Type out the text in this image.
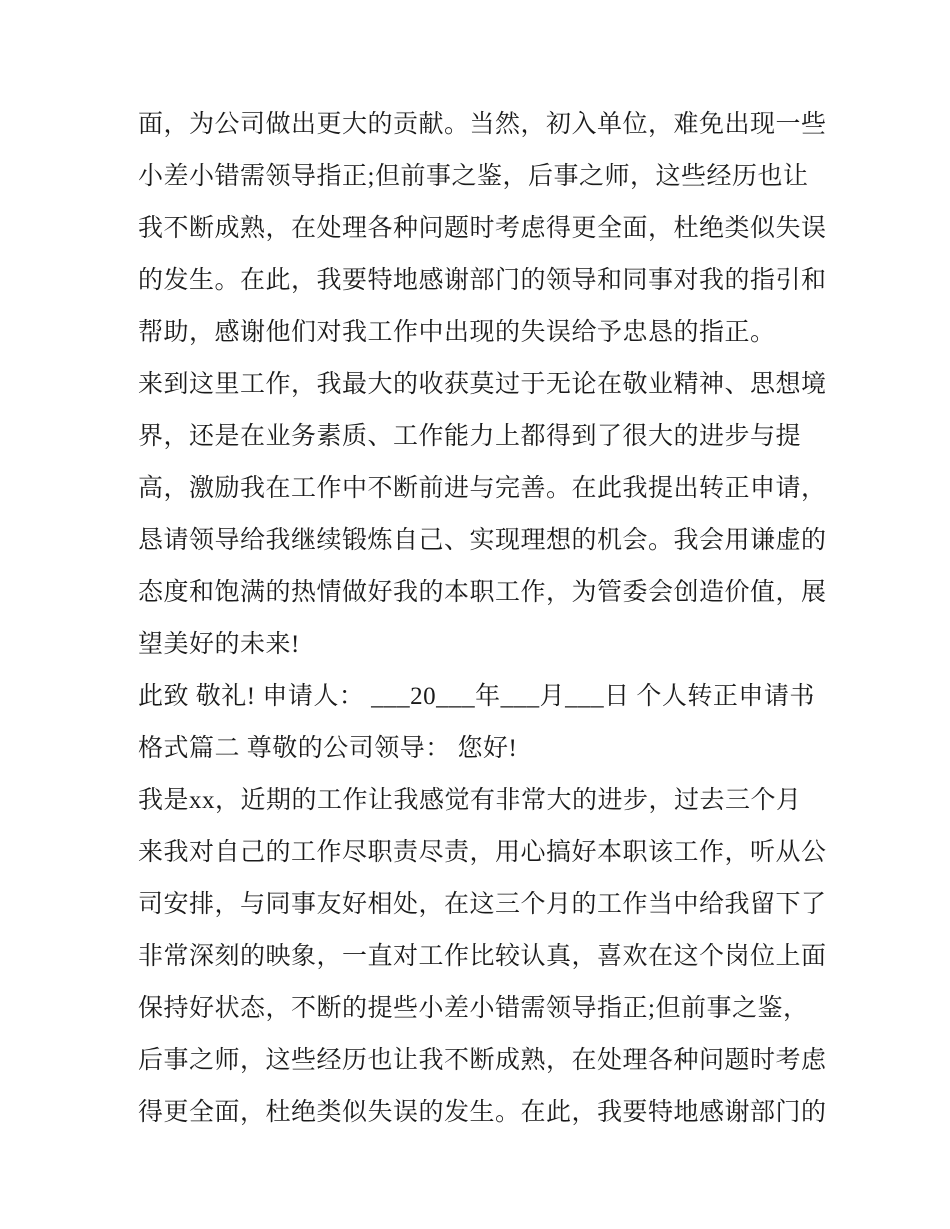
面，为公司做出更大的贡献。当然，初入单位，难免出现一些
小差小错需领导指正;但前事之鉴，后事之师，这些经历也让
我不断成熟，在处理各种问题时考虑得更全面，杜绝类似失误
的发生。在此，我要特地感谢部门的领导和同事对我的指引和
帮助，感谢他们对我工作中出现的失误给予忠恳的指正。
来到这里工作，我最大的收获莫过于无论在敬业精神、思想境
界，还是在业务素质、工作能力上都得到了很大的进步与提
高，激励我在工作中不断前进与完善。在此我提出转正申请，
恳请领导给我继续锻炼自己、实现理想的机会。我会用谦虚的
态度和饱满的热情做好我的本职工作，为管委会创造价值，展
望美好的未来!
此致 敬礼! 申请人： ___20___年___月___日 个人转正申请书
格式篇二 尊敬的公司领导： 您好!
我是xx，近期的工作让我感觉有非常大的进步，过去三个月
来我对自己的工作尽职责尽责，用心搞好本职该工作，听从公
司安排，与同事友好相处，在这三个月的工作当中给我留下了
非常深刻的映象，一直对工作比较认真，喜欢在这个岗位上面
保持好状态，不断的提些小差小错需领导指正;但前事之鉴，
后事之师，这些经历也让我不断成熟，在处理各种问题时考虑
得更全面，杜绝类似失误的发生。在此，我要特地感谢部门的
